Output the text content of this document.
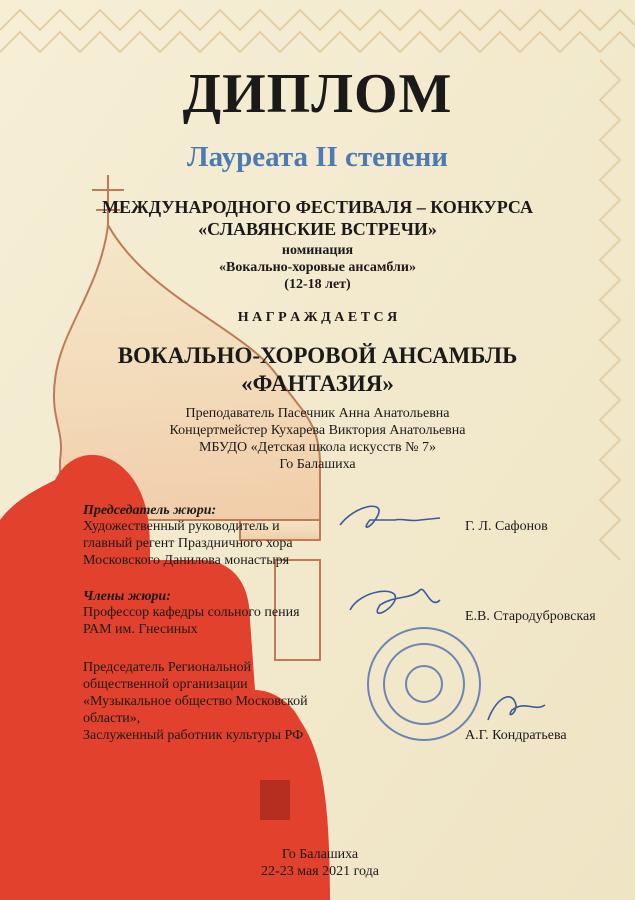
ДИПЛОМ
Лауреата II степени
МЕЖДУНАРОДНОГО ФЕСТИВАЛЯ – КОНКУРСА
«СЛАВЯНСКИЕ ВСТРЕЧИ»
номинация
«Вокально-хоровые ансамбли»
(12-18 лет)
Н А Г Р А Ж Д А Е Т С Я
ВОКАЛЬНО-ХОРОВОЙ АНСАМБЛЬ
«ФАНТАЗИЯ»
Преподаватель Пасечник Анна Анатольевна
Концертмейстер Кухарева Виктория Анатольевна
МБУДО «Детская школа искусств № 7»
Го Балашиха
Председатель жюри:
Художественный руководитель и
главный регент Праздничного хора
Московского Данилова монастыря
Г. Л. Сафонов
Члены жюри:
Профессор кафедры сольного пения
РАМ им. Гнесиных
Е.В. Стародубровская
Председатель Региональной
общественной организации
«Музыкальное общество Московской
области»,
Заслуженный работник культуры РФ	А.Г. Кондратьева
Го Балашиха
22-23 мая 2021 года
